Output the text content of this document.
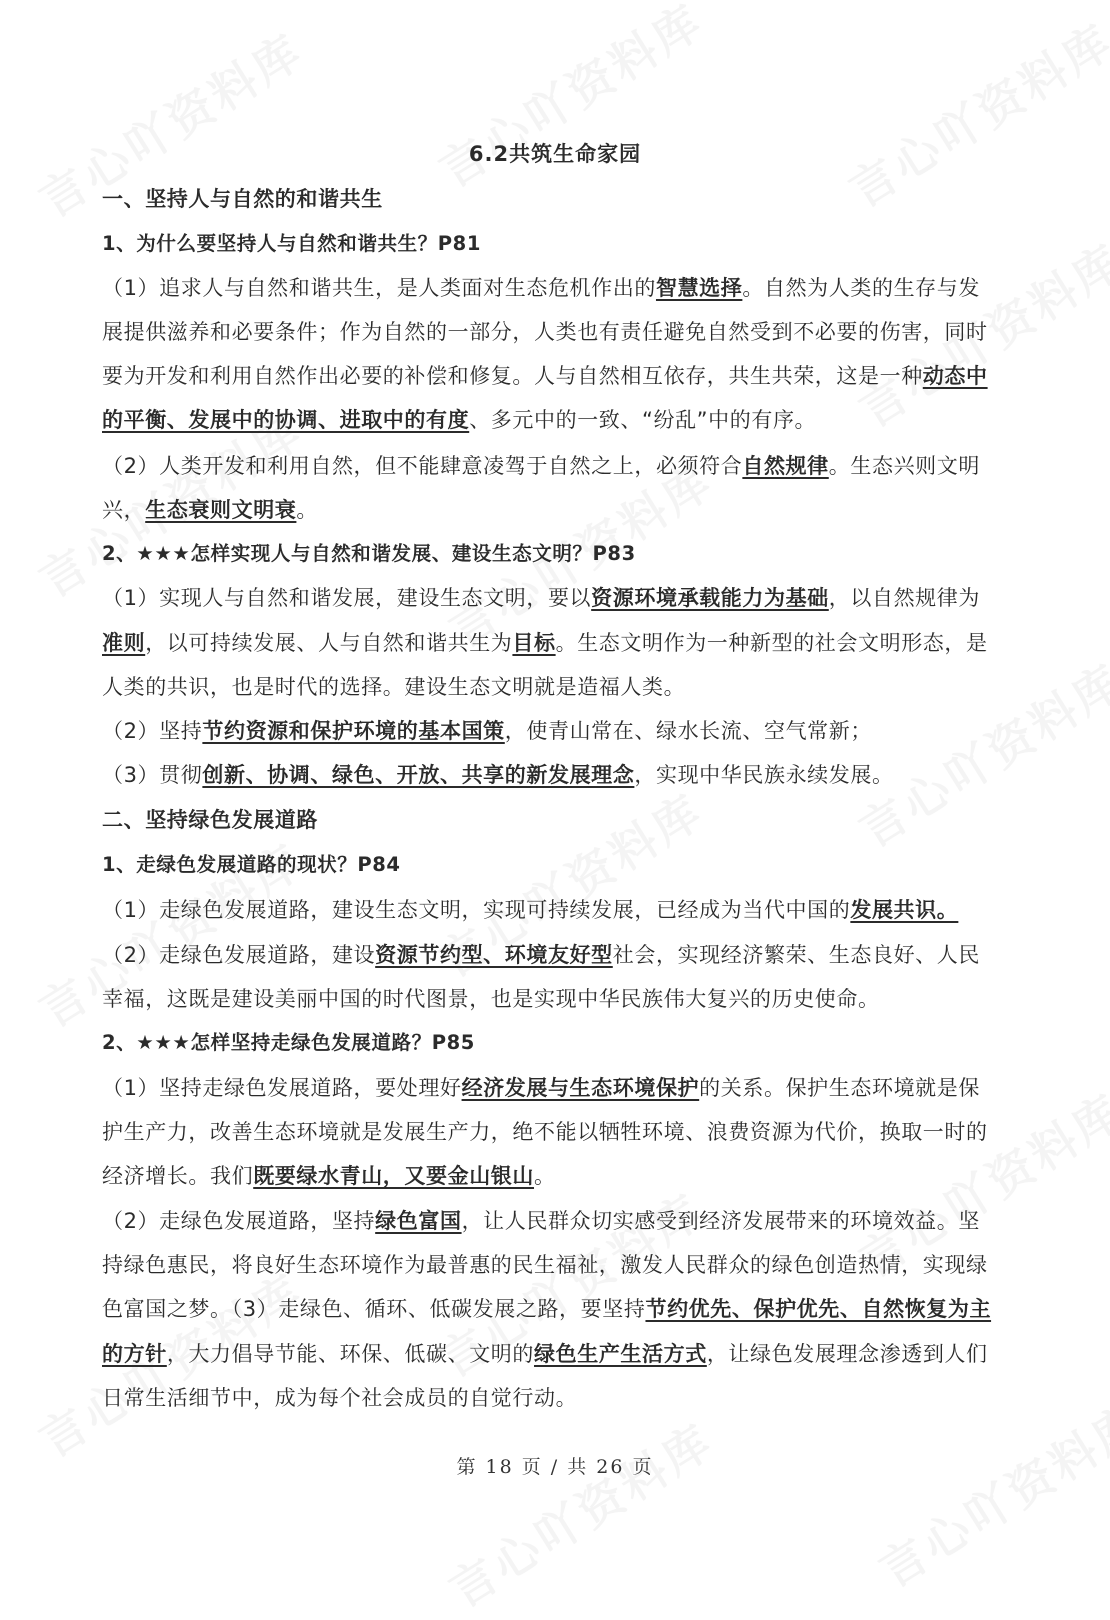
6.2共筑生命家园
一、坚持人与自然的和谐共生
1、为什么要坚持人与自然和谐共生？P81
（1）追求人与自然和谐共生，是人类面对生态危机作出的智慧选择。自然为人类的生存与发
展提供滋养和必要条件；作为自然的一部分，人类也有责任避免自然受到不必要的伤害，同时
要为开发和利用自然作出必要的补偿和修复。人与自然相互依存，共生共荣，这是一种动态中
的平衡、发展中的协调、进取中的有度、多元中的一致、“纷乱”中的有序。
（2）人类开发和利用自然，但不能肆意凌驾于自然之上，必须符合自然规律。生态兴则文明
兴，生态衰则文明衰。
2、★★★怎样实现人与自然和谐发展、建设生态文明？P83
（1）实现人与自然和谐发展，建设生态文明，要以资源环境承载能力为基础，以自然规律为
准则，以可持续发展、人与自然和谐共生为目标。生态文明作为一种新型的社会文明形态，是
人类的共识，也是时代的选择。建设生态文明就是造福人类。
（2）坚持节约资源和保护环境的基本国策，使青山常在、绿水长流、空气常新；
（3）贯彻创新、协调、绿色、开放、共享的新发展理念，实现中华民族永续发展。
二、坚持绿色发展道路
1、走绿色发展道路的现状？P84
（1）走绿色发展道路，建设生态文明，实现可持续发展，已经成为当代中国的发展共识。
（2）走绿色发展道路，建设资源节约型、环境友好型社会，实现经济繁荣、生态良好、人民
幸福，这既是建设美丽中国的时代图景，也是实现中华民族伟大复兴的历史使命。
2、★★★怎样坚持走绿色发展道路？P85
（1）坚持走绿色发展道路，要处理好经济发展与生态环境保护的关系。保护生态环境就是保
护生产力，改善生态环境就是发展生产力，绝不能以牺牲环境、浪费资源为代价，换取一时的
经济增长。我们既要绿水青山，又要金山银山。
（2）走绿色发展道路，坚持绿色富国，让人民群众切实感受到经济发展带来的环境效益。坚
持绿色惠民，将良好生态环境作为最普惠的民生福祉，激发人民群众的绿色创造热情，实现绿
色富国之梦。（3）走绿色、循环、低碳发展之路，要坚持节约优先、保护优先、自然恢复为主
的方针，大力倡导节能、环保、低碳、文明的绿色生产生活方式，让绿色发展理念渗透到人们
日常生活细节中，成为每个社会成员的自觉行动。
第 18 页 / 共 26 页
